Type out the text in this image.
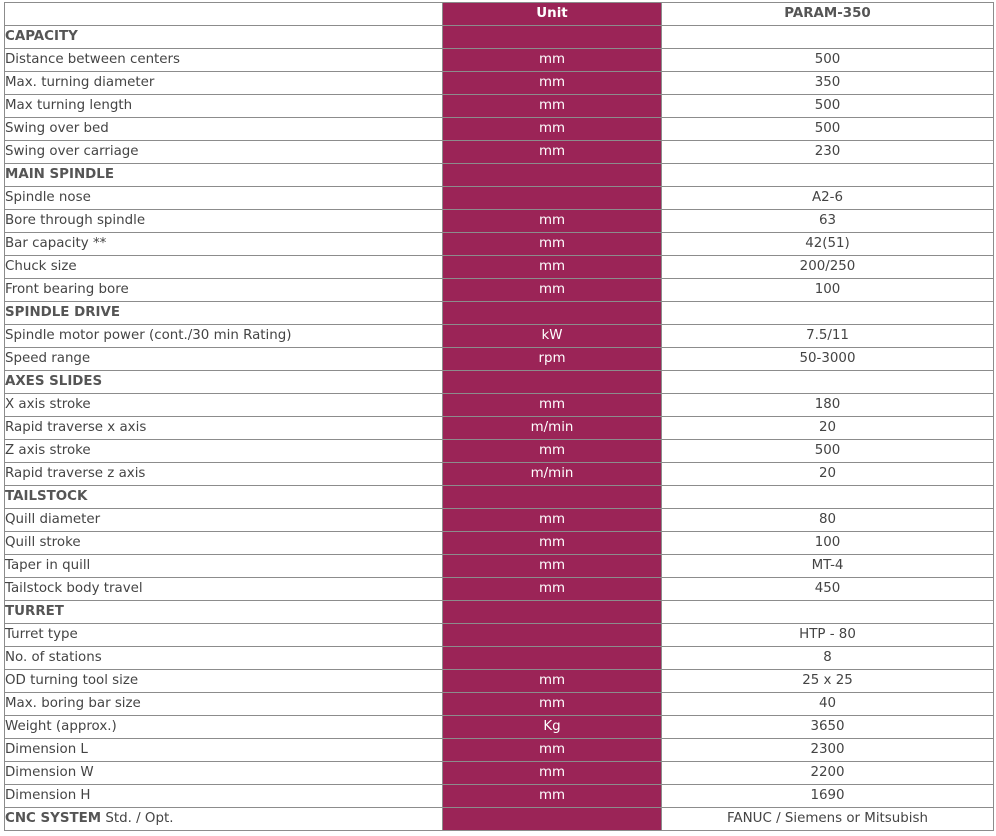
	Unit	PARAM-350
CAPACITY		
Distance between centers	mm	500
Max. turning diameter	mm	350
Max turning length	mm	500
Swing over bed	mm	500
Swing over carriage	mm	230
MAIN SPINDLE		
Spindle nose		A2-6
Bore through spindle	mm	63
Bar capacity **	mm	42(51)
Chuck size	mm	200/250
Front bearing bore	mm	100
SPINDLE DRIVE		
Spindle motor power (cont./30 min Rating)	kW	7.5/11
Speed range	rpm	50-3000
AXES SLIDES		
X axis stroke	mm	180
Rapid traverse x axis	m/min	20
Z axis stroke	mm	500
Rapid traverse z axis	m/min	20
TAILSTOCK		
Quill diameter	mm	80
Quill stroke	mm	100
Taper in quill	mm	MT-4
Tailstock body travel	mm	450
TURRET		
Turret type		HTP - 80
No. of stations		8
OD turning tool size	mm	25 x 25
Max. boring bar size	mm	40
Weight (approx.)	Kg	3650
Dimension L	mm	2300
Dimension W	mm	2200
Dimension H	mm	1690
CNC SYSTEM Std. / Opt.		FANUC / Siemens or Mitsubish
